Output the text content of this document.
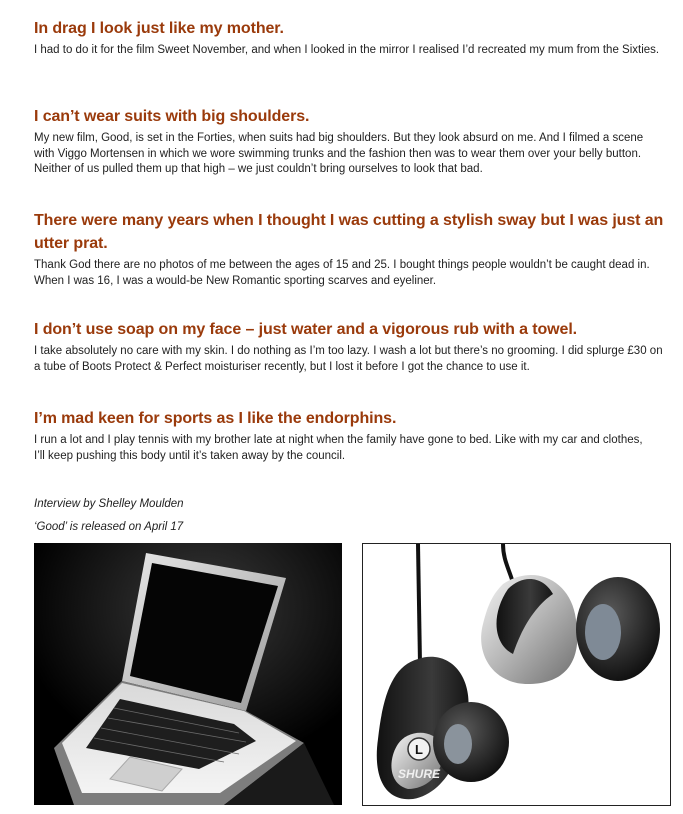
In drag I look just like my mother.

I had to do it for the film Sweet November, and when I looked in the mirror I realised I’d recreated my mum from the Sixties.

I can’t wear suits with big shoulders.

My new film, Good, is set in the Forties, when suits had big shoulders. But they look absurd on me. And I filmed a scene with Viggo Mortensen in which we wore swimming trunks and the fashion then was to wear them over your belly button. Neither of us pulled them up that high – we just couldn’t bring ourselves to look that bad.

There were many years when I thought I was cutting a stylish sway but I was just an utter prat.

Thank God there are no photos of me between the ages of 15 and 25. I bought things people wouldn’t be caught dead in. When I was 16, I was a would-be New Romantic sporting scarves and eyeliner.

I don’t use soap on my face – just water and a vigorous rub with a towel.

I take absolutely no care with my skin. I do nothing as I’m too lazy. I wash a lot but there’s no grooming. I did splurge £30 on a tube of Boots Protect & Perfect moisturiser recently, but I lost it before I got the chance to use it.

I’m mad keen for sports as I like the endorphins.

I run a lot and I play tennis with my brother late at night when the family have gone to bed. Like with my car and clothes, I’ll keep pushing this body until it’s taken away by the council.

Interview by Shelley Moulden
‘Good’ is released on April 17
L
SHURE
